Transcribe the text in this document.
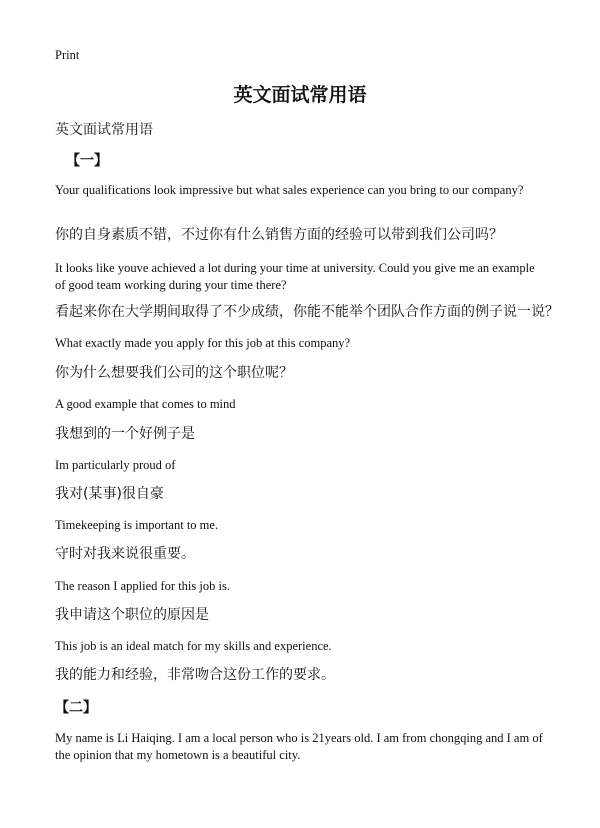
Print

英文面试常用语

英文面试常用语

【一】

Your qualifications look impressive but what sales experience can you bring to our company?

你的自身素质不错，不过你有什么销售方面的经验可以带到我们公司吗？

It looks like youve achieved a lot during your time at university. Could you give me an example of good team working during your time there?

看起来你在大学期间取得了不少成绩，你能不能举个团队合作方面的例子说一说？

What exactly made you apply for this job at this company?

你为什么想要我们公司的这个职位呢？

A good example that comes to mind

我想到的一个好例子是

Im particularly proud of

我对(某事)很自豪

Timekeeping is important to me.

守时对我来说很重要。

The reason I applied for this job is.

我申请这个职位的原因是

This job is an ideal match for my skills and experience.

我的能力和经验，非常吻合这份工作的要求。

【二】

My name is Li Haiqing. I am a local person who is 21years old. I am from chongqing and I am of the opinion that my hometown is a beautiful city.
